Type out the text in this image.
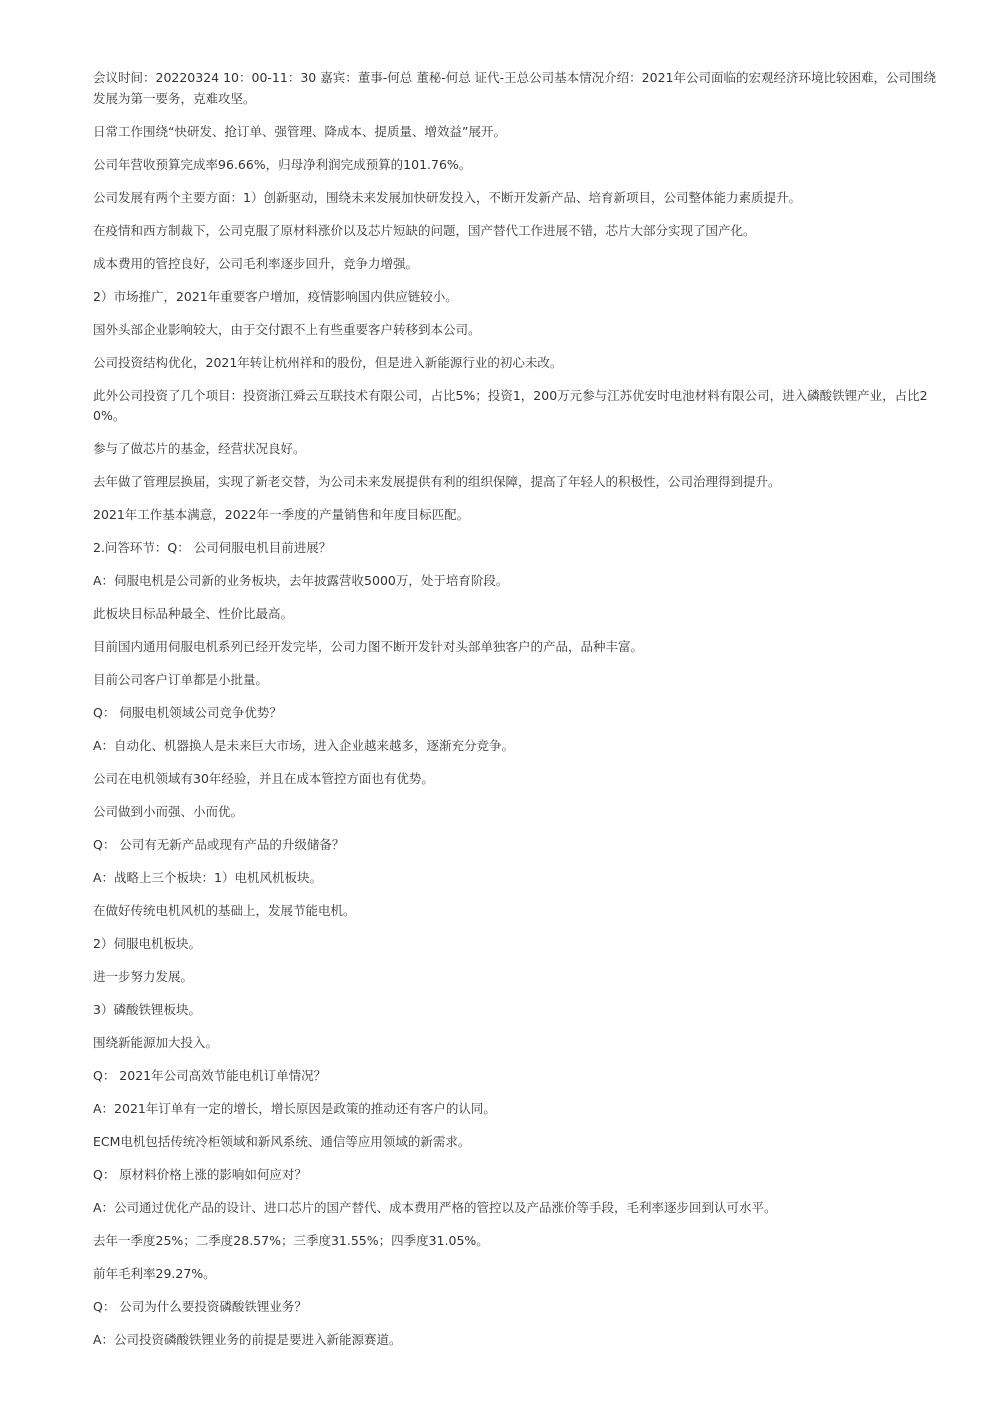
会议时间：20220324 10：00-11：30 嘉宾：董事-何总 董秘-何总 证代-王总公司基本情况介绍：2021年公司面临的宏观经济环境比较困难，公司围绕发展为第一要务，克难攻坚。

日常工作围绕“快研发、抢订单、强管理、降成本、提质量、增效益”展开。

公司年营收预算完成率96.66%，归母净利润完成预算的101.76%。

公司发展有两个主要方面：1）创新驱动，围绕未来发展加快研发投入，不断开发新产品、培育新项目，公司整体能力素质提升。

在疫情和西方制裁下，公司克服了原材料涨价以及芯片短缺的问题，国产替代工作进展不错，芯片大部分实现了国产化。

成本费用的管控良好，公司毛利率逐步回升，竞争力增强。

2）市场推广，2021年重要客户增加，疫情影响国内供应链较小。

国外头部企业影响较大，由于交付跟不上有些重要客户转移到本公司。

公司投资结构优化，2021年转让杭州祥和的股份，但是进入新能源行业的初心未改。

此外公司投资了几个项目：投资浙江舜云互联技术有限公司，占比5%；投资1，200万元参与江苏优安时电池材料有限公司，进入磷酸铁锂产业，占比20%。

参与了做芯片的基金，经营状况良好。

去年做了管理层换届，实现了新老交替，为公司未来发展提供有利的组织保障，提高了年轻人的积极性，公司治理得到提升。

2021年工作基本满意，2022年一季度的产量销售和年度目标匹配。

2.问答环节：Q： 公司伺服电机目前进展？

A：伺服电机是公司新的业务板块，去年披露营收5000万，处于培育阶段。

此板块目标品种最全、性价比最高。

目前国内通用伺服电机系列已经开发完毕，公司力图不断开发针对头部单独客户的产品，品种丰富。

目前公司客户订单都是小批量。

Q： 伺服电机领域公司竞争优势？

A：自动化、机器换人是未来巨大市场，进入企业越来越多，逐渐充分竞争。

公司在电机领域有30年经验，并且在成本管控方面也有优势。

公司做到小而强、小而优。

Q： 公司有无新产品或现有产品的升级储备？

A：战略上三个板块：1）电机风机板块。

在做好传统电机风机的基础上，发展节能电机。

2）伺服电机板块。

进一步努力发展。

3）磷酸铁锂板块。

围绕新能源加大投入。

Q： 2021年公司高效节能电机订单情况？

A：2021年订单有一定的增长，增长原因是政策的推动还有客户的认同。

ECM电机包括传统冷柜领域和新风系统、通信等应用领域的新需求。

Q： 原材料价格上涨的影响如何应对？

A：公司通过优化产品的设计、进口芯片的国产替代、成本费用严格的管控以及产品涨价等手段，毛利率逐步回到认可水平。

去年一季度25%；二季度28.57%；三季度31.55%；四季度31.05%。

前年毛利率29.27%。

Q： 公司为什么要投资磷酸铁锂业务？

A：公司投资磷酸铁锂业务的前提是要进入新能源赛道。
